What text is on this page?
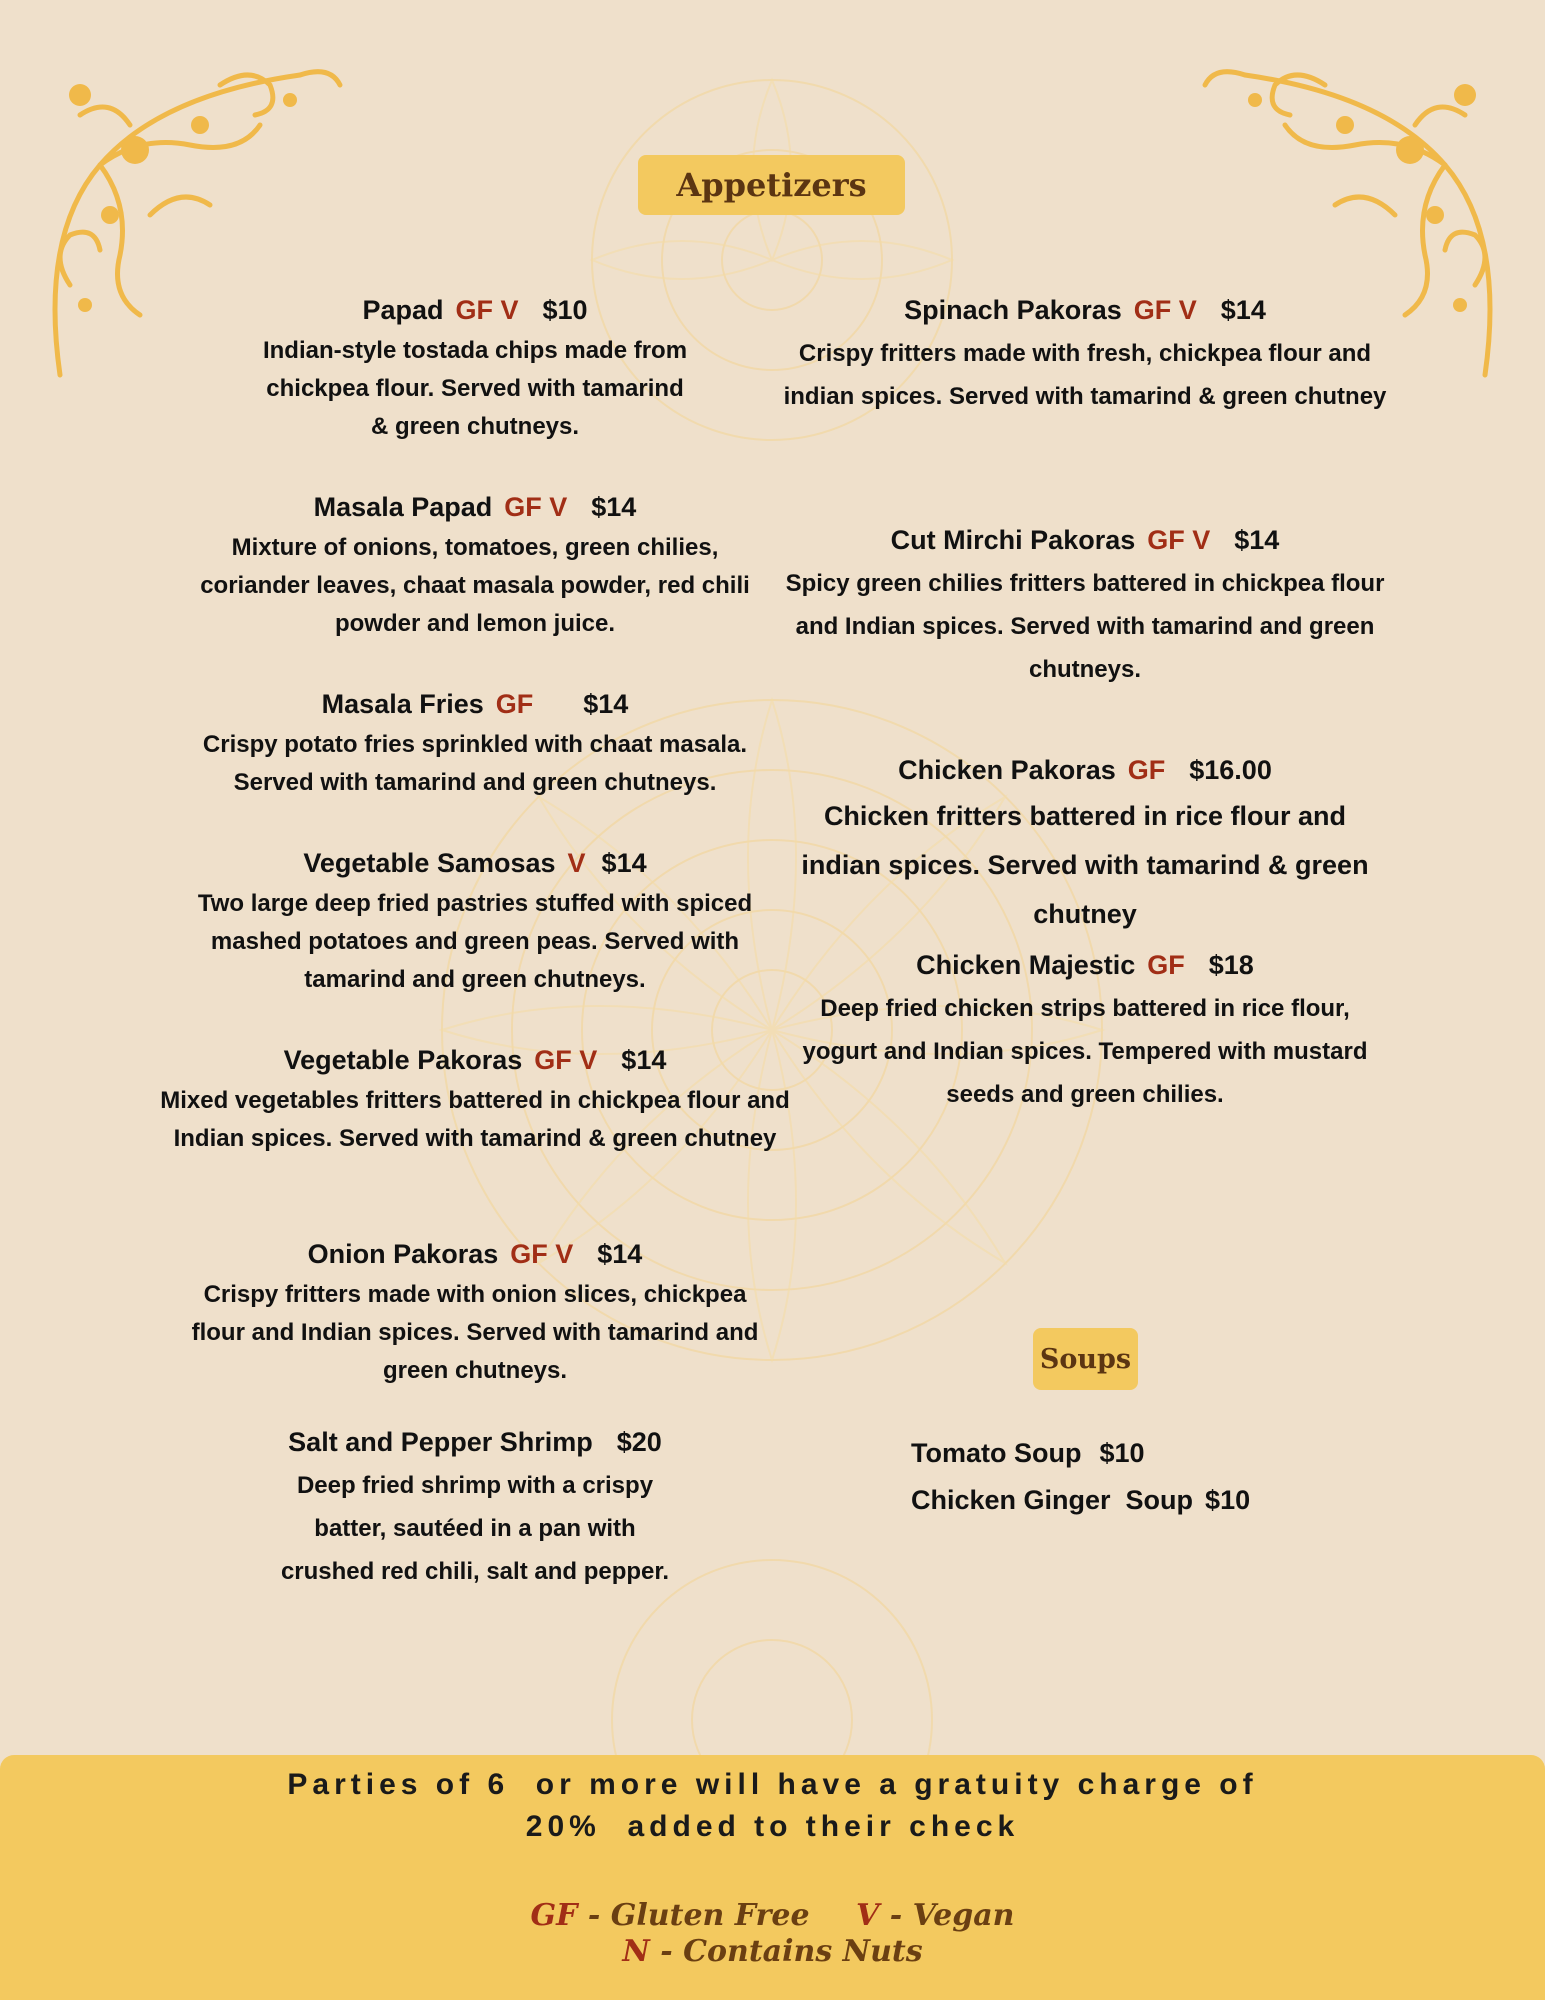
Appetizers
Soups
Papad GF V $10
Indian-style tostada chips made from chickpea flour. Served with tamarind & green chutneys.
Masala Papad GF V $14
Mixture of onions, tomatoes, green chilies, coriander leaves, chaat masala powder, red chili powder and lemon juice.
Masala Fries GF $14
Crispy potato fries sprinkled with chaat masala. Served with tamarind and green chutneys.
Vegetable Samosas V $14
Two large deep fried pastries stuffed with spiced mashed potatoes and green peas. Served with tamarind and green chutneys.
Vegetable Pakoras GF V $14
Mixed vegetables fritters battered in chickpea flour and Indian spices. Served with tamarind & green chutney
Onion Pakoras GF V $14
Crispy fritters made with onion slices, chickpea flour and Indian spices. Served with tamarind and green chutneys.
Salt and Pepper Shrimp $20
Deep fried shrimp with a crispy batter, sautéed in a pan with crushed red chili, salt and pepper.
Spinach Pakoras GF V $14
Crispy fritters made with fresh, chickpea flour and indian spices. Served with tamarind & green chutney
Cut Mirchi Pakoras GF V $14
Spicy green chilies fritters battered in chickpea flour and Indian spices. Served with tamarind and green chutneys.
Chicken Pakoras GF $16.00
Chicken fritters battered in rice flour and indian spices. Served with tamarind & green chutney
Chicken Majestic GF $18
Deep fried chicken strips battered in rice flour, yogurt and Indian spices. Tempered with mustard seeds and green chilies.
Tomato Soup $10
Chicken Ginger  Soup $10
Parties of 6  or more will have a gratuity charge of
20%  added to their check
GF - Gluten Free V - Vegan
N - Contains Nuts
